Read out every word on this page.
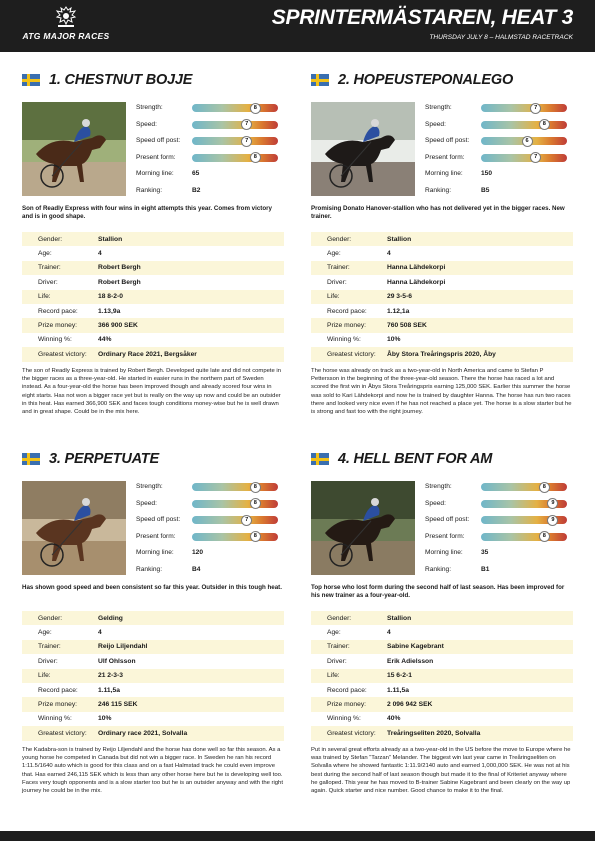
ATG MAJOR RACES
SPRINTERMÄSTAREN, HEAT 3
THURSDAY JULY 8 – HALMSTAD RACETRACK
1. CHESTNUT BOJJE
Strength:	8
Speed:	7
Speed off post:	7
Present form:	8
Morning line:	65
Ranking:	B2
Son of Readly Express with four wins in eight attempts this year. Comes from victory and is in good shape.
Gender:	Stallion
Age:	4
Trainer:	Robert Bergh
Driver:	Robert Bergh
Life:	18 8-2-0
Record pace:	1.13,9a
Prize money:	366 900 SEK
Winning %:	44%
Greatest victory:	Ordinary Race 2021, Bergsåker
The son of Readly Express is trained by Robert Bergh. Developed quite late and did not compete in the bigger races as a three-year-old. He started in easier runs in the northern part of Sweden instead. As a four-year-old the horse has been improved though and already scored four wins in eight starts. Has not won a bigger race yet but is really on the way up now and could be an outsider in this heat. Has earned 366,900 SEK and faces tough conditions money-wise but he is well drawn and in great shape. Could be in the mix here.
2. HOPEUSTEPONALEGO
Strength:	7
Speed:	8
Speed off post:	6
Present form:	7
Morning line:	150
Ranking:	B5
Promising Donato Hanover-stallion who has not delivered yet in the bigger races. New trainer.
Gender:	Stallion
Age:	4
Trainer:	Hanna Lähdekorpi
Driver:	Hanna Lähdekorpi
Life:	29 3-5-6
Record pace:	1.12,1a
Prize money:	760 508 SEK
Winning %:	10%
Greatest victory:	Åby Stora Treåringspris 2020, Åby
The horse was already on track as a two-year-old in North America and came to Stefan P Pettersson in the beginning of the three-year-old season. There the horse has raced a lot and scored the first win in Åbys Stora Treåringspris earning 125,000 SEK. Earlier this summer the horse was sold to Kari Lähdekorpi and now he is trained by daughter Hanna. The horse has run two races there and looked very nice even if he has not reached a place yet. The horse is a slow starter but he is strong and fast too with the right journey.
3. PERPETUATE
Strength:	8
Speed:	8
Speed off post:	7
Present form:	8
Morning line:	120
Ranking:	B4
Has shown good speed and been consistent so far this year. Outsider in this tough heat.
Gender:	Gelding
Age:	4
Trainer:	Reijo Liljendahl
Driver:	Ulf Ohlsson
Life:	21 2-3-3
Record pace:	1.11,5a
Prize money:	246 115 SEK
Winning %:	10%
Greatest victory:	Ordinary race 2021, Solvalla
The Kadabra-son is trained by Reijo Liljendahl and the horse has done well so far this season. As a young horse he competed in Canada but did not win a bigger race. In Sweden he ran his record 1:11.5/1640 auto which is good for this class and on a fast Halmstad track he could even improve that. Has earned 246,115 SEK which is less than any other horse here but he is developing well too. Faces very tough opponents and is a slow starter too but he is an outsider anyway and with the right journey he could be in the mix.
4. HELL BENT FOR AM
Strength:	8
Speed:	9
Speed off post:	9
Present form:	8
Morning line:	35
Ranking:	B1
Top horse who lost form during the second half of last season. Has been improved for his new trainer as a four-year-old.
Gender:	Stallion
Age:	4
Trainer:	Sabine Kagebrant
Driver:	Erik Adielsson
Life:	15 6-2-1
Record pace:	1.11,5a
Prize money:	2 096 942 SEK
Winning %:	40%
Greatest victory:	Treåringseliten 2020, Solvalla
Put in several great efforts already as a two-year-old in the US before the move to Europe where he was trained by Stefan “Tarzan” Melander. The biggest win last year came in Treåringseliten on Solvalla where he showed fantastic 1:11.9/2140 auto and earned 1,000,000 SEK. He was not at his best during the second half of last season though but made it to the final of Kriteriet anyway where he galloped. This year he has moved to B-trainer Sabine Kagebrant and been clearly on the way up again. Quick starter and nice number. Good chance to make it to the final.
